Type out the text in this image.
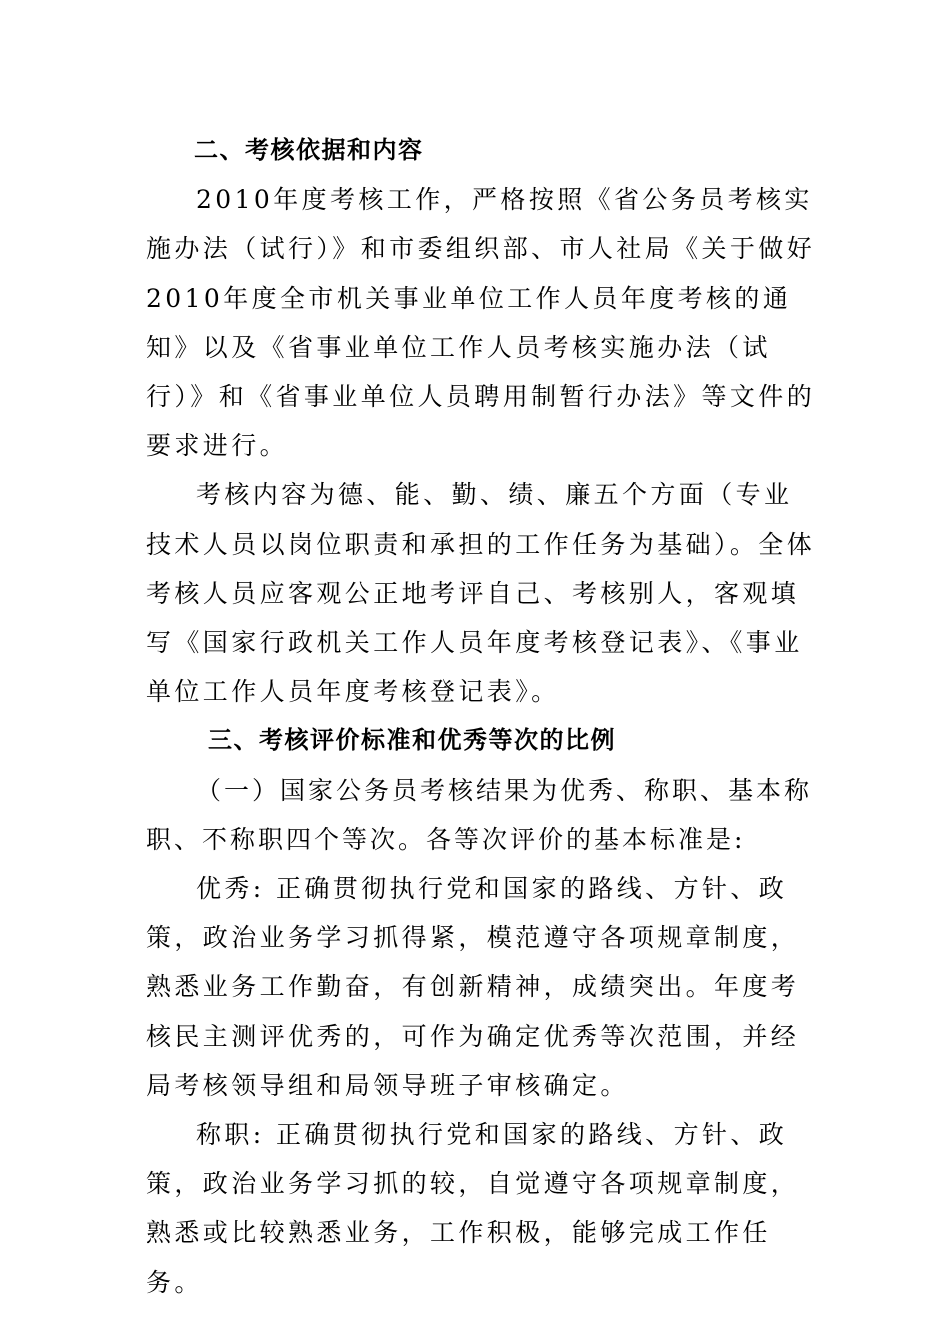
二、考核依据和内容

2010年度考核工作，严格按照《省公务员考核实施办法（试行）》和市委组织部、市人社局《关于做好2010年度全市机关事业单位工作人员年度考核的通知》以及《省事业单位工作人员考核实施办法（试行）》和《省事业单位人员聘用制暂行办法》等文件的要求进行。

考核内容为德、能、勤、绩、廉五个方面（专业技术人员以岗位职责和承担的工作任务为基础）。全体考核人员应客观公正地考评自己、考核别人，客观填写《国家行政机关工作人员年度考核登记表》、《事业单位工作人员年度考核登记表》。

三、考核评价标准和优秀等次的比例

（一）国家公务员考核结果为优秀、称职、基本称职、不称职四个等次。各等次评价的基本标准是:

优秀: 正确贯彻执行党和国家的路线、方针、政策，政治业务学习抓得紧，模范遵守各项规章制度，熟悉业务工作勤奋，有创新精神，成绩突出。年度考核民主测评优秀的，可作为确定优秀等次范围，并经局考核领导组和局领导班子审核确定。

称职: 正确贯彻执行党和国家的路线、方针、政策，政治业务学习抓的较，自觉遵守各项规章制度，熟悉或比较熟悉业务，工作积极，能够完成工作任务。
